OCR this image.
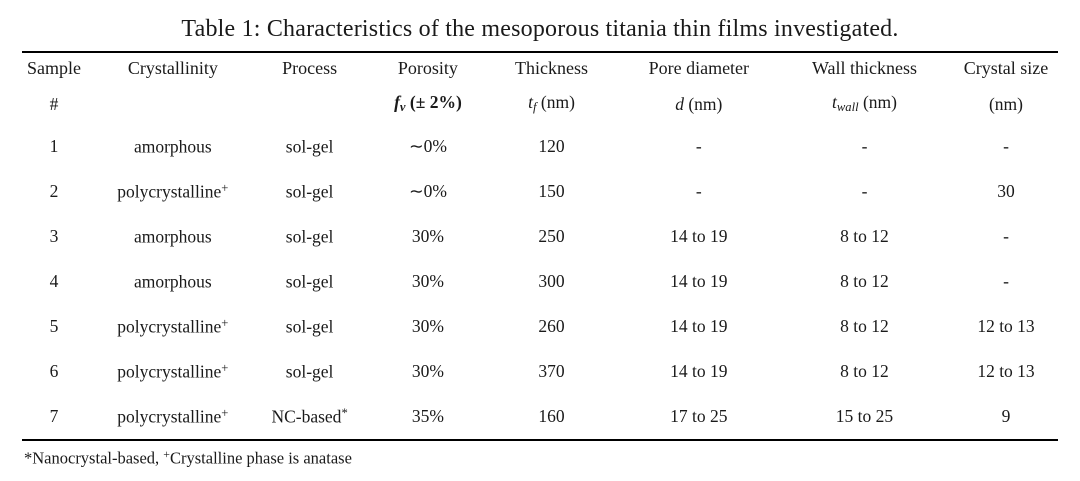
Table 1: Characteristics of the mesoporous titania thin films investigated.
Sample	Crystallinity	Process	Porosity	Thickness	Pore diameter	Wall thickness	Crystal size
#			$f_v$ (± 2%)	$t_f$ (nm)	d (nm)	$t_{wall}$ (nm)	(nm)
1	amorphous	sol-gel	∼0%	120	-	-	-
2	polycrystalline+	sol-gel	∼0%	150	-	-	30
3	amorphous	sol-gel	30%	250	14 to 19	8 to 12	-
4	amorphous	sol-gel	30%	300	14 to 19	8 to 12	-
5	polycrystalline+	sol-gel	30%	260	14 to 19	8 to 12	12 to 13
6	polycrystalline+	sol-gel	30%	370	14 to 19	8 to 12	12 to 13
7	polycrystalline+	NC-based*	35%	160	17 to 25	15 to 25	9
*Nanocrystal-based, +Crystalline phase is anatase
